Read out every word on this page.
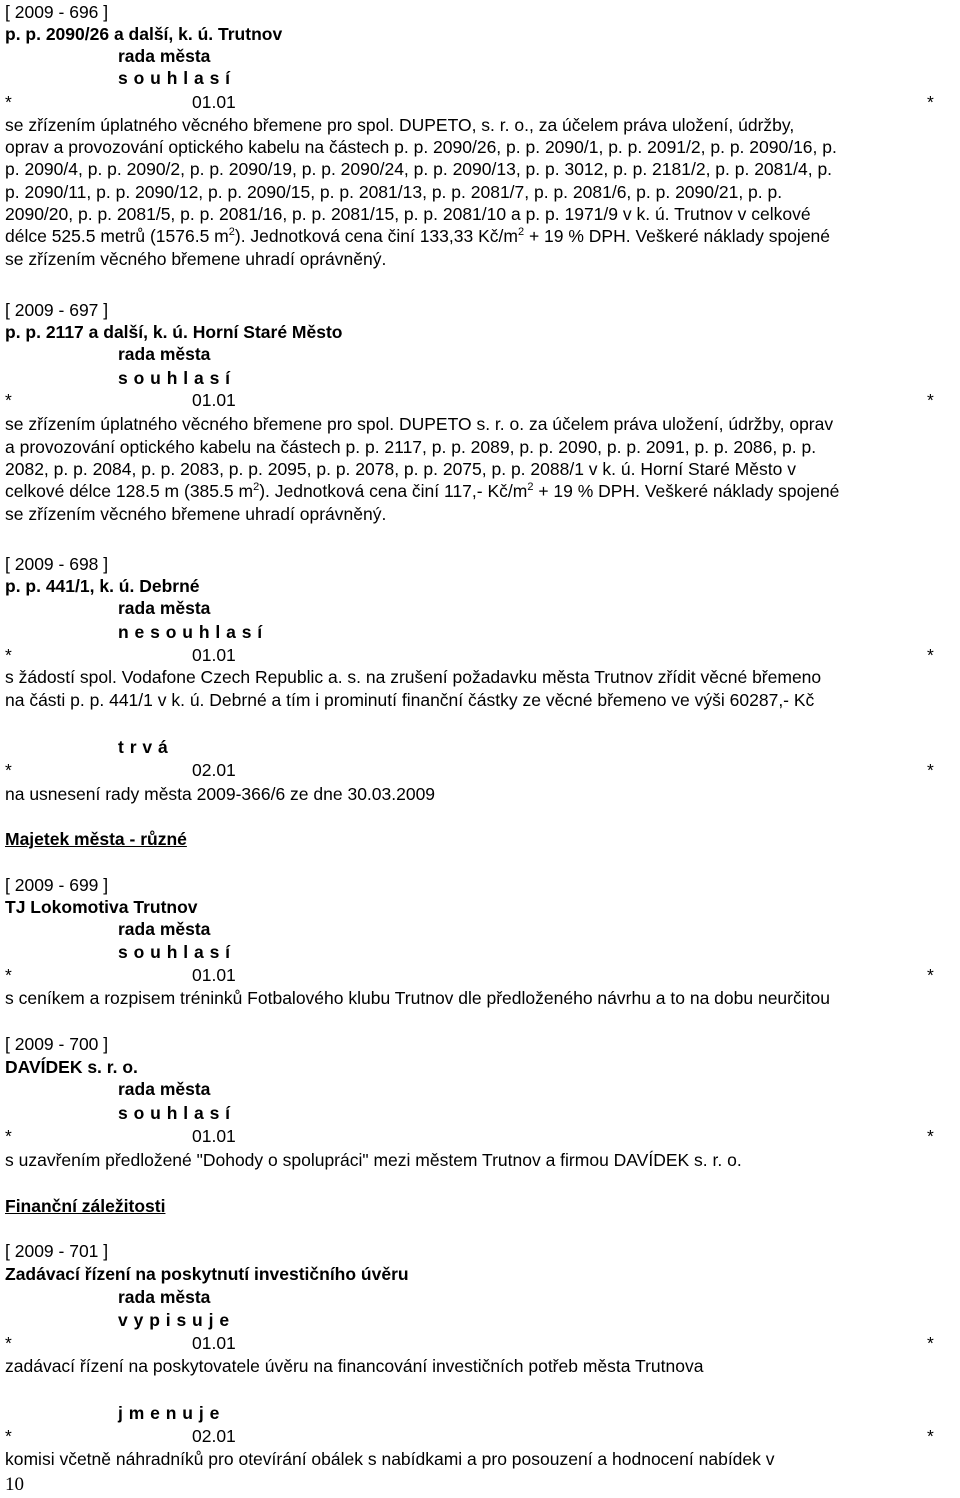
[ 2009 - 696 ]
p. p. 2090/26 a další, k. ú. Trutnov
rada města
s o u h l a s í
*	01.01	*
se zřízením úplatného věcného břemene pro spol. DUPETO, s. r. o., za účelem práva uložení, údržby,
oprav a provozování optického kabelu na částech p. p. 2090/26, p. p. 2090/1, p. p. 2091/2, p. p. 2090/16, p.
p. 2090/4, p. p. 2090/2, p. p. 2090/19, p. p. 2090/24, p. p. 2090/13, p. p. 3012, p. p. 2181/2, p. p. 2081/4, p.
p. 2090/11, p. p. 2090/12, p. p. 2090/15, p. p. 2081/13, p. p. 2081/7, p. p. 2081/6, p. p. 2090/21, p. p.
2090/20, p. p. 2081/5, p. p. 2081/16, p. p. 2081/15, p. p. 2081/10 a p. p. 1971/9 v k. ú. Trutnov v celkové
délce 525.5 metrů (1576.5 $m^2$). Jednotková cena činí 133,33 $Kč/m^2 + 19$ % DPH. Veškeré náklady spojené
se zřízením věcného břemene uhradí oprávněný.
[ 2009 - 697 ]
p. p. 2117 a další, k. ú. Horní Staré Město
rada města
s o u h l a s í
*	01.01	*
se zřízením úplatného věcného břemene pro spol. DUPETO s. r. o. za účelem práva uložení, údržby, oprav
a provozování optického kabelu na částech p. p. 2117, p. p. 2089, p. p. 2090, p. p. 2091, p. p. 2086, p. p.
2082, p. p. 2084, p. p. 2083, p. p. 2095, p. p. 2078, p. p. 2075, p. p. 2088/1 v k. ú. Horní Staré Město v
celkové délce 128.5 m (385.5 $m^2$). Jednotková cena činí 117,- $Kč/m^2 + 19$ % DPH. Veškeré náklady spojené
se zřízením věcného břemene uhradí oprávněný.
[ 2009 - 698 ]
p. p. 441/1, k. ú. Debrné
rada města
n e s o u h l a s í
*	01.01	*
s žádostí spol. Vodafone Czech Republic a. s. na zrušení požadavku města Trutnov zřídit věcné břemeno
na části p. p. 441/1 v k. ú. Debrné a tím i prominutí finanční částky ze věcné břemeno ve výši 60287,- Kč
t r v á
*	02.01	*
na usnesení rady města 2009-366/6 ze dne 30.03.2009
Majetek města - různé
[ 2009 - 699 ]
TJ Lokomotiva Trutnov
rada města
s o u h l a s í
*	01.01	*
s ceníkem a rozpisem tréninků Fotbalového klubu Trutnov dle předloženého návrhu a to na dobu neurčitou
[ 2009 - 700 ]
DAVÍDEK s. r. o.
rada města
s o u h l a s í
*	01.01	*
s uzavřením předložené "Dohody o spolupráci" mezi městem Trutnov a firmou DAVÍDEK s. r. o.
Finanční záležitosti
[ 2009 - 701 ]
Zadávací řízení na poskytnutí investičního úvěru
rada města
v y p i s u j e
*	01.01	*
zadávací řízení na poskytovatele úvěru na financování investičních potřeb města Trutnova
j m e n u j e
*	02.01	*
komisi včetně náhradníků pro otevírání obálek s nabídkami a pro posouzení a hodnocení nabídek v
10
